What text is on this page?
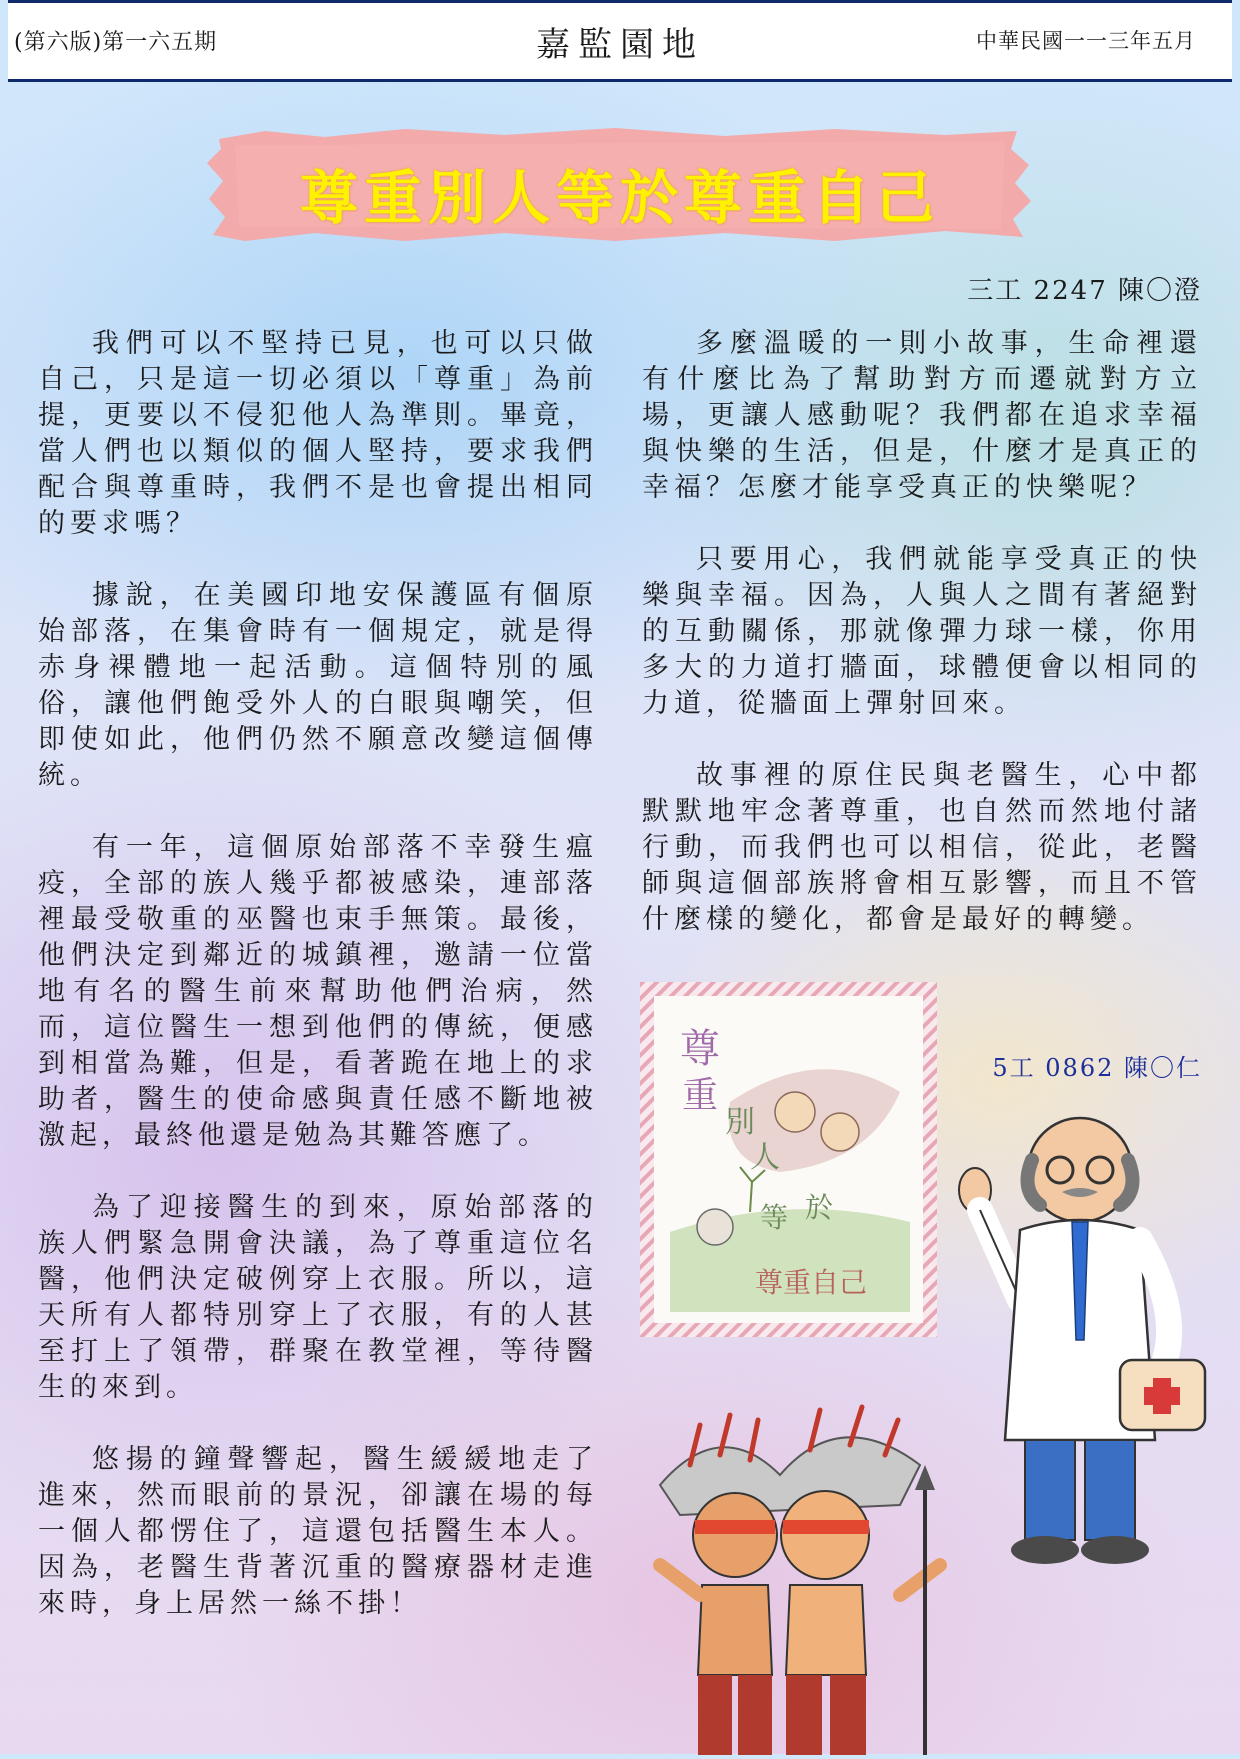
(第六版)第一六五期	嘉監園地	中華民國一一三年五月
尊重別人等於尊重自己
三工 2247 陳〇澄

我們可以不堅持已見，也可以只做自己，只是這一切必須以「尊重」為前提，更要以不侵犯他人為準則。畢竟，當人們也以類似的個人堅持，要求我們配合與尊重時，我們不是也會提出相同的要求嗎？

據說，在美國印地安保護區有個原始部落，在集會時有一個規定，就是得赤身裸體地一起活動。這個特別的風俗，讓他們飽受外人的白眼與嘲笑，但即使如此，他們仍然不願意改變這個傳統。

有一年，這個原始部落不幸發生瘟疫，全部的族人幾乎都被感染，連部落裡最受敬重的巫醫也束手無策。最後，他們決定到鄰近的城鎮裡，邀請一位當地有名的醫生前來幫助他們治病，然而，這位醫生一想到他們的傳統，便感到相當為難，但是，看著跪在地上的求助者，醫生的使命感與責任感不斷地被激起，最終他還是勉為其難答應了。

為了迎接醫生的到來，原始部落的族人們緊急開會決議，為了尊重這位名醫，他們決定破例穿上衣服。所以，這天所有人都特別穿上了衣服，有的人甚至打上了領帶，群聚在教堂裡，等待醫生的來到。

悠揚的鐘聲響起，醫生緩緩地走了進來，然而眼前的景況，卻讓在場的每一個人都愣住了，這還包括醫生本人。因為，老醫生背著沉重的醫療器材走進來時，身上居然一絲不掛！

多麼溫暖的一則小故事，生命裡還有什麼比為了幫助對方而遷就對方立場，更讓人感動呢？我們都在追求幸福與快樂的生活，但是，什麼才是真正的幸福？怎麼才能享受真正的快樂呢？

只要用心，我們就能享受真正的快樂與幸福。因為，人與人之間有著絕對的互動關係，那就像彈力球一樣，你用多大的力道打牆面，球體便會以相同的力道，從牆面上彈射回來。

故事裡的原住民與老醫生，心中都默默地牢念著尊重，也自然而然地付諸行動，而我們也可以相信，從此，老醫師與這個部族將會相互影響，而且不管什麼樣的變化，都會是最好的轉變。

尊
重
別
人
等 於
尊重自己
5工 0862 陳〇仁
